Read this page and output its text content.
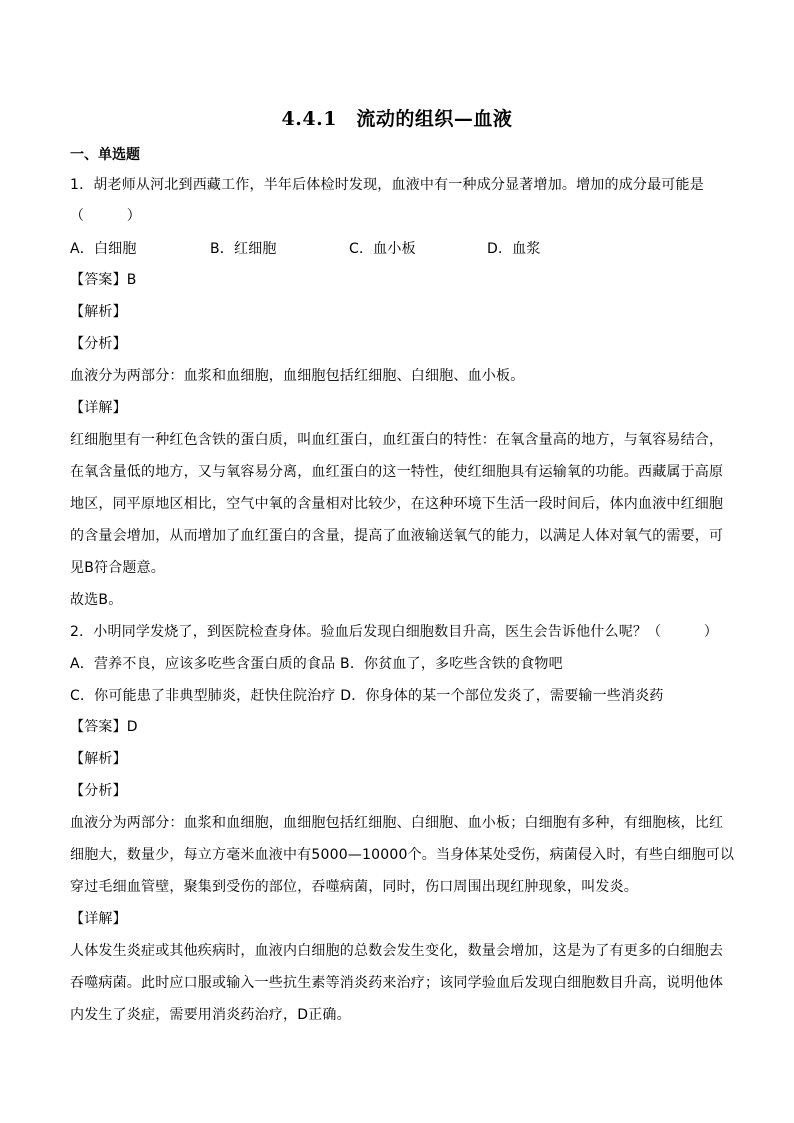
4.4.1　流动的组织—血液
一、单选题
1．胡老师从河北到西藏工作，半年后体检时发现，血液中有一种成分显著增加。增加的成分最可能是
（　　　）
A．白细胞	B．红细胞	C．血小板	D．血浆
【答案】B
【解析】
【分析】
血液分为两部分：血浆和血细胞，血细胞包括红细胞、白细胞、血小板。
【详解】
红细胞里有一种红色含铁的蛋白质，叫血红蛋白，血红蛋白的特性：在氧含量高的地方，与氧容易结合，
在氧含量低的地方，又与氧容易分离，血红蛋白的这一特性，使红细胞具有运输氧的功能。西藏属于高原
地区，同平原地区相比，空气中氧的含量相对比较少，在这种环境下生活一段时间后，体内血液中红细胞
的含量会增加，从而增加了血红蛋白的含量，提高了血液输送氧气的能力，以满足人体对氧气的需要，可
见B符合题意。
故选B。
2．小明同学发烧了，到医院检查身体。验血后发现白细胞数目升高，医生会告诉他什么呢？（　　　）
A．营养不良，应该多吃些含蛋白质的食品 B．你贫血了，多吃些含铁的食物吧
C．你可能患了非典型肺炎，赶快住院治疗 D．你身体的某一个部位发炎了，需要输一些消炎药
【答案】D
【解析】
【分析】
血液分为两部分：血浆和血细胞，血细胞包括红细胞、白细胞、血小板；白细胞有多种，有细胞核，比红
细胞大，数量少，每立方毫米血液中有5000—10000个。当身体某处受伤，病菌侵入时，有些白细胞可以
穿过毛细血管壁，聚集到受伤的部位，吞噬病菌，同时，伤口周围出现红肿现象，叫发炎。
【详解】
人体发生炎症或其他疾病时，血液内白细胞的总数会发生变化，数量会增加，这是为了有更多的白细胞去
吞噬病菌。此时应口服或输入一些抗生素等消炎药来治疗；该同学验血后发现白细胞数目升高，说明他体
内发生了炎症，需要用消炎药治疗，D正确。
